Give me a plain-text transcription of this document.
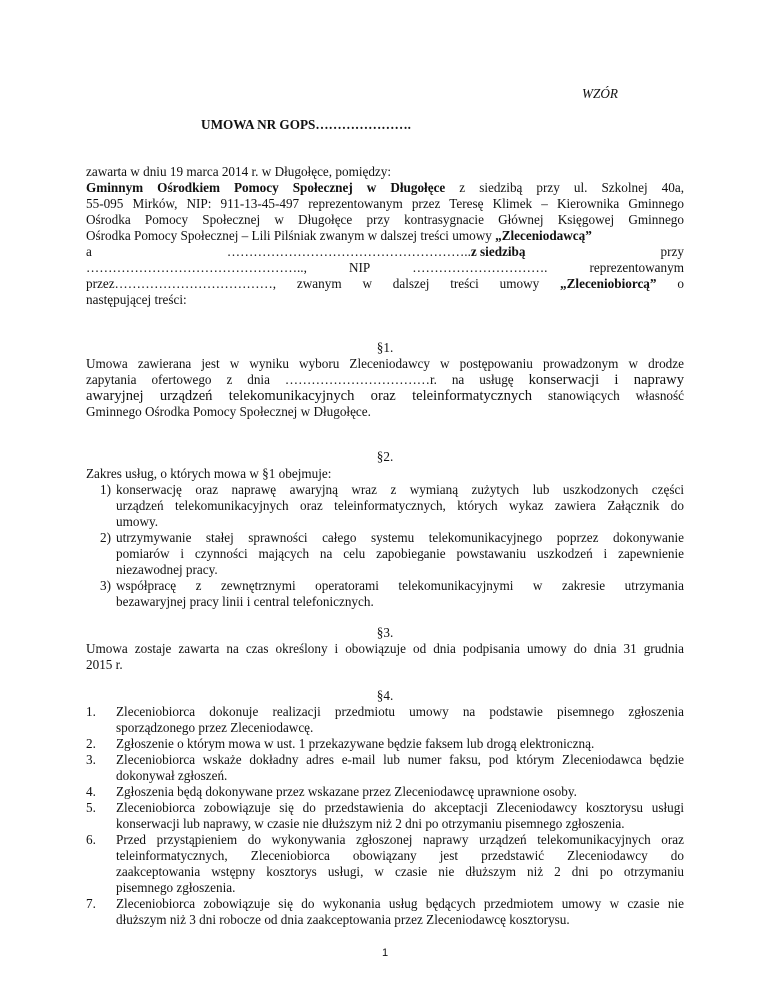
WZÓR
UMOWA NR GOPS………………….
zawarta w dniu 19 marca 2014 r. w Długołęce, pomiędzy:
Gminnym Ośrodkiem Pomocy Społecznej w Długołęce z siedzibą przy ul. Szkolnej 40a,
55-095 Mirków, NIP: 911-13-45-497 reprezentowanym przez Teresę Klimek – Kierownika Gminnego
Ośrodka Pomocy Społecznej w Długołęce przy kontrasygnacie Głównej Księgowej Gminnego
Ośrodka Pomocy Społecznej – Lili Pilśniak zwanym w dalszej treści umowy „Zleceniodawcą”
a	………………………………………………..z siedzibą	przy
…………………………………………..,	NIP	………………………….	reprezentowanym
przez………………………………, zwanym w dalszej treści umowy „Zleceniobiorcą” o
następującej treści:
§1.
Umowa zawierana jest w wyniku wyboru Zleceniodawcy w postępowaniu prowadzonym w drodze
zapytania ofertowego z dnia ……………………………r. na usługę konserwacji i naprawy
awaryjnej urządzeń telekomunikacyjnych oraz teleinformatycznych stanowiących własność
Gminnego Ośrodka Pomocy Społecznej w Długołęce.
§2.
Zakres usług, o których mowa w §1 obejmuje:
1) konserwację oraz naprawę awaryjną wraz z wymianą zużytych lub uszkodzonych części
urządzeń telekomunikacyjnych oraz teleinformatycznych, których wykaz zawiera Załącznik do
umowy.
2) utrzymywanie stałej sprawności całego systemu telekomunikacyjnego poprzez dokonywanie
pomiarów i czynności mających na celu zapobieganie powstawaniu uszkodzeń i zapewnienie
niezawodnej pracy.
3) współpracę z zewnętrznymi operatorami telekomunikacyjnymi w zakresie utrzymania
bezawaryjnej pracy linii i central telefonicznych.
§3.
Umowa zostaje zawarta na czas określony i obowiązuje od dnia podpisania umowy do dnia 31 grudnia
2015 r.
§4.
1. Zleceniobiorca dokonuje realizacji przedmiotu umowy na podstawie pisemnego zgłoszenia
sporządzonego przez Zleceniodawcę.
2. Zgłoszenie o którym mowa w ust. 1 przekazywane będzie faksem lub drogą elektroniczną.
3. Zleceniobiorca wskaże dokładny adres e-mail lub numer faksu, pod którym Zleceniodawca będzie
dokonywał zgłoszeń.
4. Zgłoszenia będą dokonywane przez wskazane przez Zleceniodawcę uprawnione osoby.
5. Zleceniobiorca zobowiązuje się do przedstawienia do akceptacji Zleceniodawcy kosztorysu usługi
konserwacji lub naprawy, w czasie nie dłuższym niż 2 dni po otrzymaniu pisemnego zgłoszenia.
6. Przed przystąpieniem do wykonywania zgłoszonej naprawy urządzeń telekomunikacyjnych oraz
teleinformatycznych, Zleceniobiorca obowiązany jest przedstawić Zleceniodawcy do
zaakceptowania wstępny kosztorys usługi, w czasie nie dłuższym niż 2 dni po otrzymaniu
pisemnego zgłoszenia.
7. Zleceniobiorca zobowiązuje się do wykonania usług będących przedmiotem umowy w czasie nie
dłuższym niż 3 dni robocze od dnia zaakceptowania przez Zleceniodawcę kosztorysu.
1
